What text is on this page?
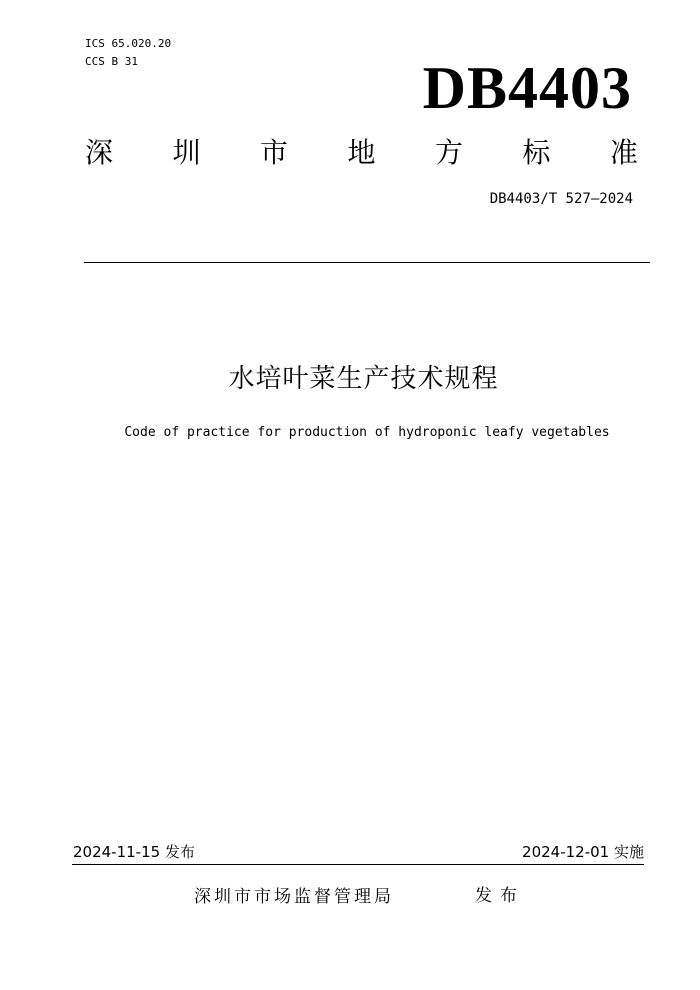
ICS 65.020.20
CCS B 31	DB4403
深 圳 市 地 方 标 准
DB4403/T 527—2024
水培叶菜生产技术规程
Code of practice for production of hydroponic leafy vegetables
2024-11-15 发布	2024-12-01 实施
深圳市市场监督管理局	发布
